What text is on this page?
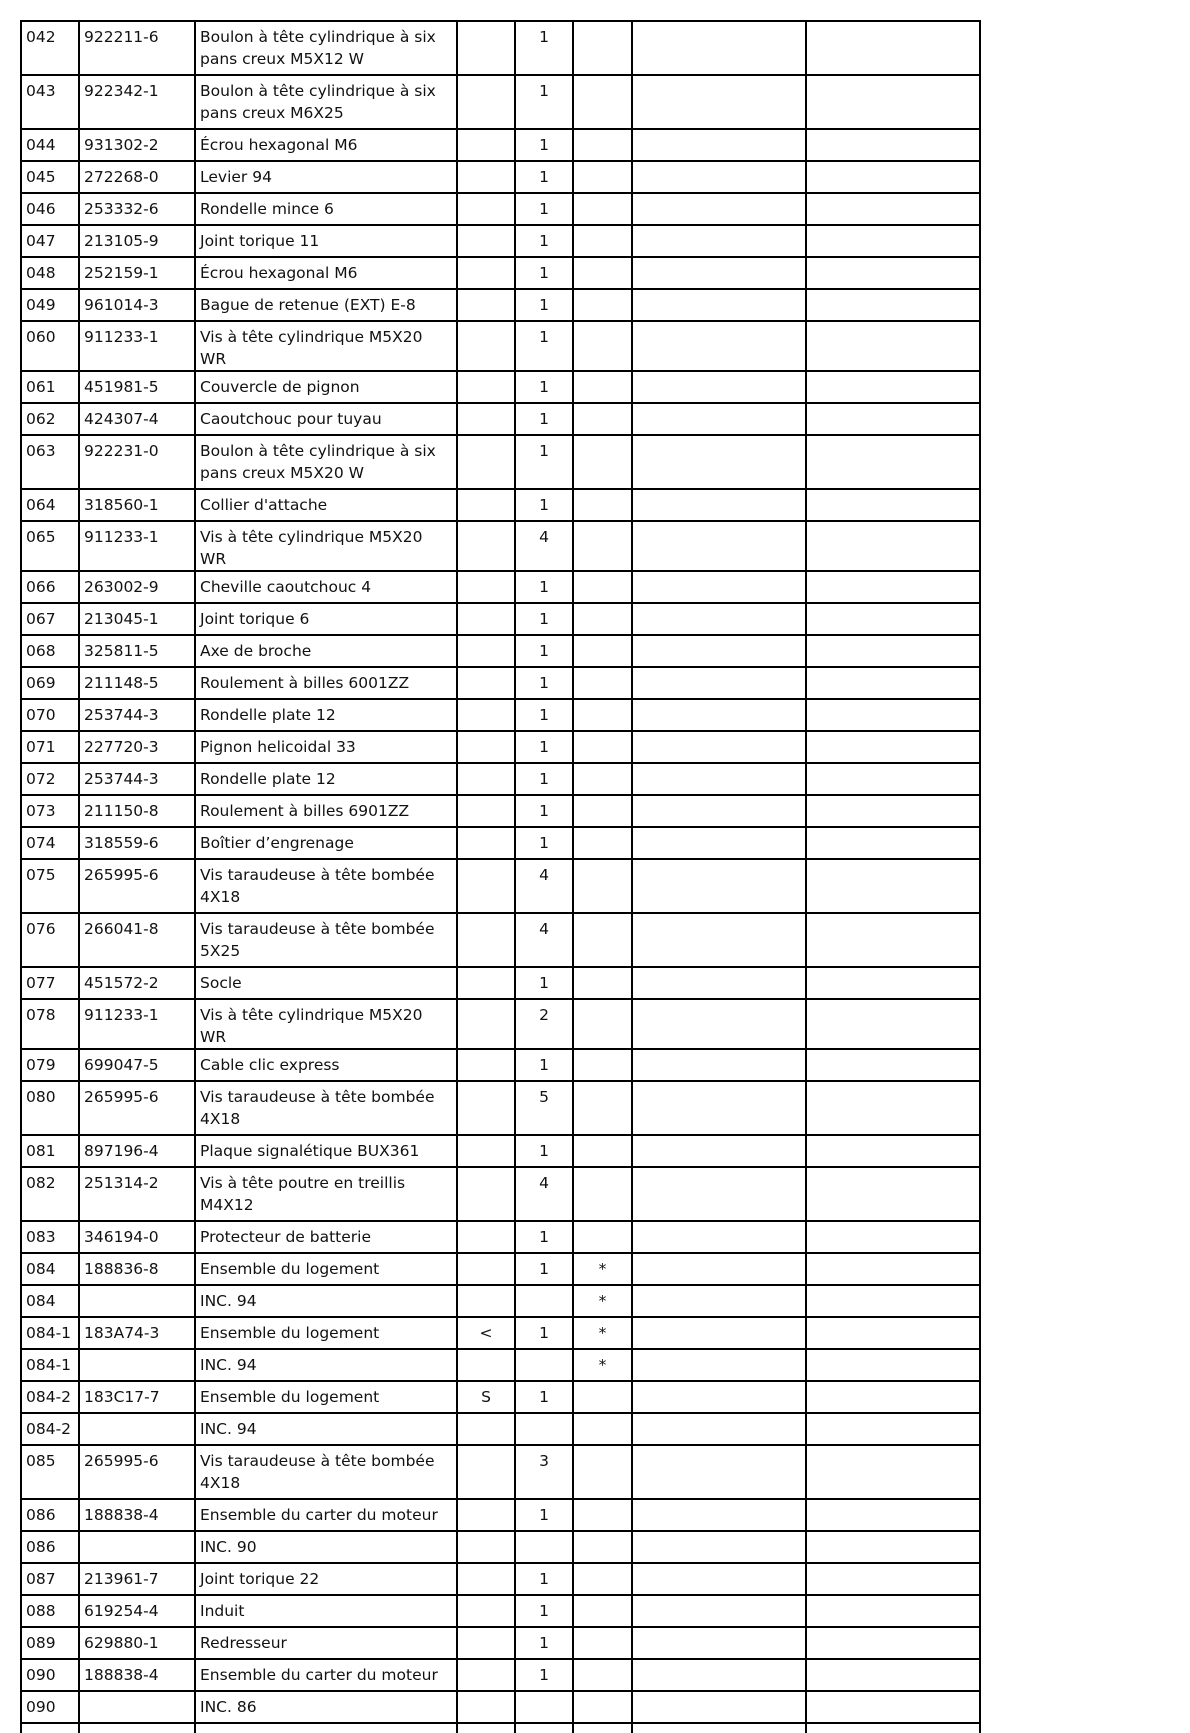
042	922211-6	Boulon à tête cylindrique à six pans creux M5X12 W		1			
043	922342-1	Boulon à tête cylindrique à six pans creux M6X25		1			
044	931302-2	Écrou hexagonal M6		1			
045	272268-0	Levier 94		1			
046	253332-6	Rondelle mince 6		1			
047	213105-9	Joint torique 11		1			
048	252159-1	Écrou hexagonal M6		1			
049	961014-3	Bague de retenue (EXT) E-8		1			
060	911233-1	Vis à tête cylindrique M5X20 WR		1			
061	451981-5	Couvercle de pignon		1			
062	424307-4	Caoutchouc pour tuyau		1			
063	922231-0	Boulon à tête cylindrique à six pans creux M5X20 W		1			
064	318560-1	Collier d'attache		1			
065	911233-1	Vis à tête cylindrique M5X20 WR		4			
066	263002-9	Cheville caoutchouc 4		1			
067	213045-1	Joint torique 6		1			
068	325811-5	Axe de broche		1			
069	211148-5	Roulement à billes 6001ZZ		1			
070	253744-3	Rondelle plate 12		1			
071	227720-3	Pignon helicoidal 33		1			
072	253744-3	Rondelle plate 12		1			
073	211150-8	Roulement à billes 6901ZZ		1			
074	318559-6	Boîtier d’engrenage		1			
075	265995-6	Vis taraudeuse à tête bombée 4X18		4			
076	266041-8	Vis taraudeuse à tête bombée 5X25		4			
077	451572-2	Socle		1			
078	911233-1	Vis à tête cylindrique M5X20 WR		2			
079	699047-5	Cable clic express		1			
080	265995-6	Vis taraudeuse à tête bombée 4X18		5			
081	897196-4	Plaque signalétique BUX361		1			
082	251314-2	Vis à tête poutre en treillis M4X12		4			
083	346194-0	Protecteur de batterie		1			
084	188836-8	Ensemble du logement		1	*		
084		INC. 94			*		
084-1	183A74-3	Ensemble du logement	<	1	*		
084-1		INC. 94			*		
084-2	183C17-7	Ensemble du logement	S	1			
084-2		INC. 94					
085	265995-6	Vis taraudeuse à tête bombée 4X18		3			
086	188838-4	Ensemble du carter du moteur		1			
086		INC. 90					
087	213961-7	Joint torique 22		1			
088	619254-4	Induit		1			
089	629880-1	Redresseur		1			
090	188838-4	Ensemble du carter du moteur		1			
090		INC. 86					
